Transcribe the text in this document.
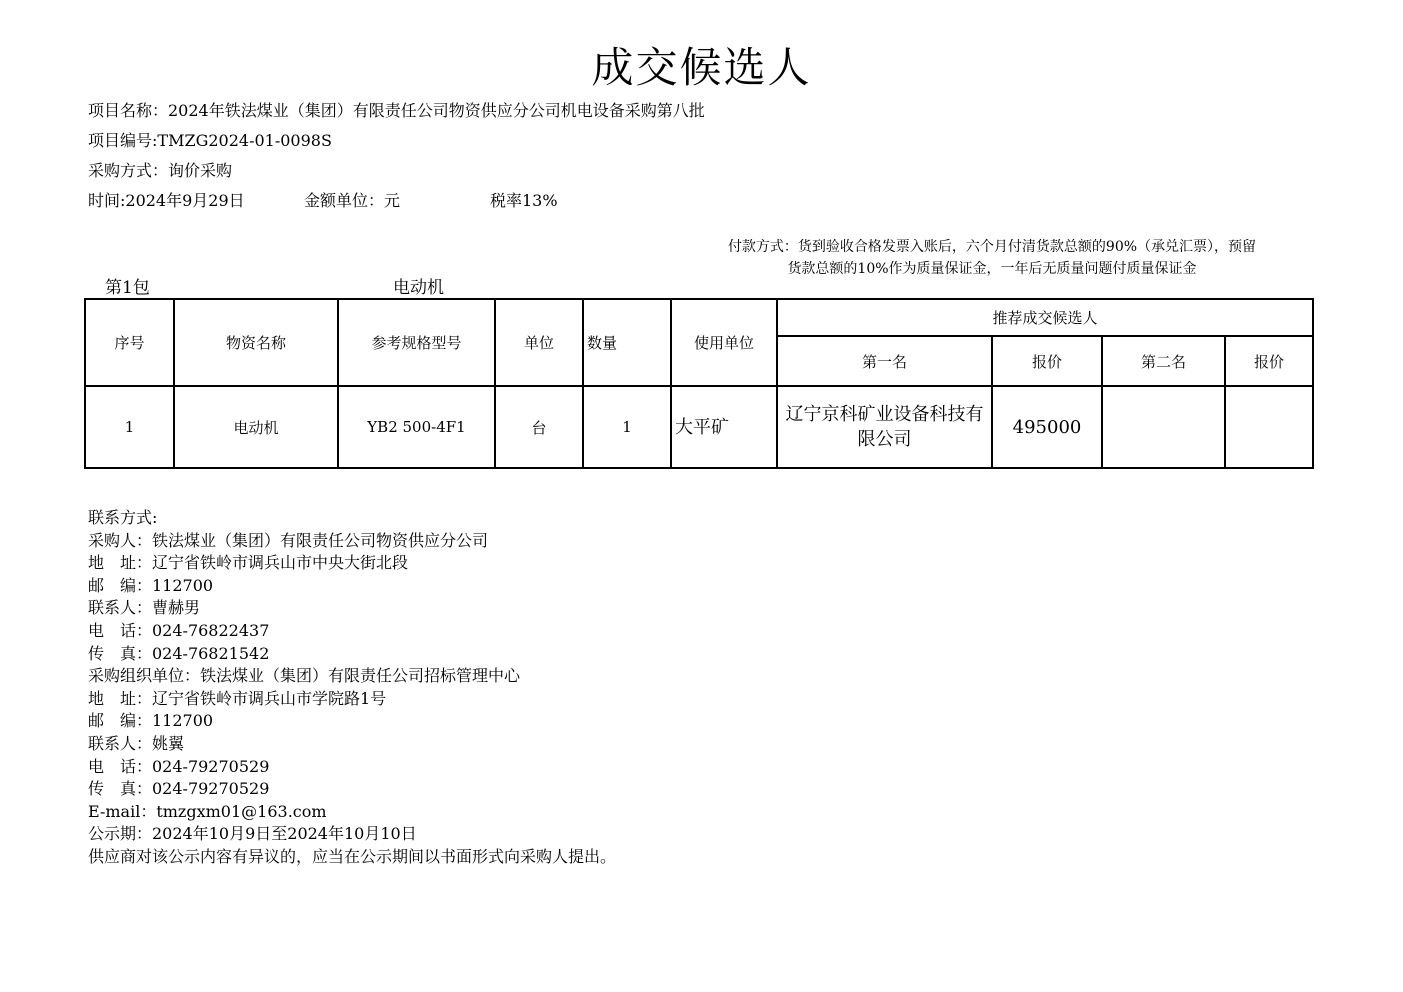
成交候选人
项目名称：2024年铁法煤业（集团）有限责任公司物资供应分公司机电设备采购第八批
项目编号:TMZG2024-01-0098S
采购方式：询价采购
时间:2024年9月29日	金额单位：元	税率13%
付款方式：货到验收合格发票入账后，六个月付清货款总额的90%（承兑汇票），预留
货款总额的10%作为质量保证金，一年后无质量问题付质量保证金
第1包	电动机
序号	物资名称	参考规格型号	单位	数量	使用单位	推荐成交候选人			
						第一名	报价	第二名	报价
1	电动机	YB2 500-4F1	台	1	大平矿	辽宁京科矿业设备科技有限公司	495000		
联系方式:
采购人：铁法煤业（集团）有限责任公司物资供应分公司
地　址：辽宁省铁岭市调兵山市中央大街北段
邮　编：112700
联系人：曹赫男
电　话：024-76822437
传　真：024-76821542
采购组织单位：铁法煤业（集团）有限责任公司招标管理中心
地　址：辽宁省铁岭市调兵山市学院路1号
邮　编：112700
联系人：姚翼
电　话：024-79270529
传　真：024-79270529
E-mail：tmzgxm01@163.com
公示期：2024年10月9日至2024年10月10日
供应商对该公示内容有异议的，应当在公示期间以书面形式向采购人提出。
